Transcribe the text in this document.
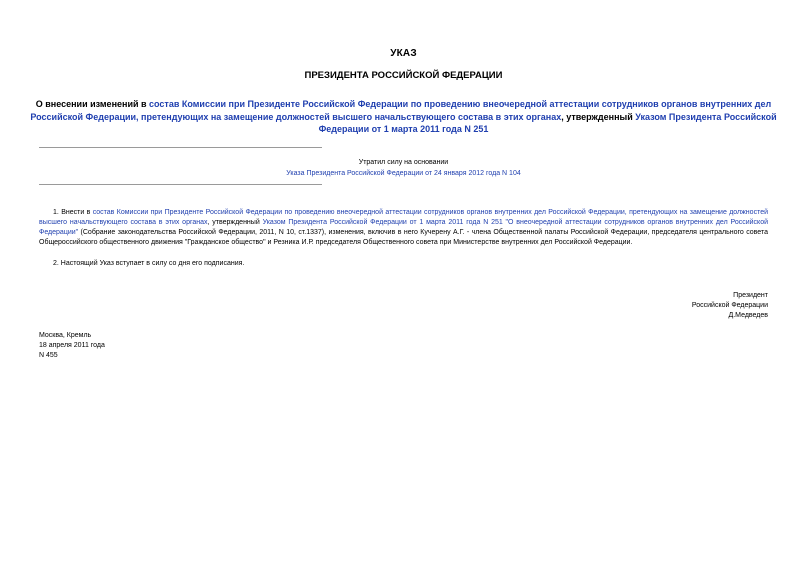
УКАЗ
ПРЕЗИДЕНТА РОССИЙСКОЙ ФЕДЕРАЦИИ
О внесении изменений в состав Комиссии при Президенте Российской Федерации по проведению внеочередной аттестации сотрудников органов внутренних дел Российской Федерации, претендующих на замещение должностей высшего начальствующего состава в этих органах, утвержденный Указом Президента Российской Федерации от 1 марта 2011 года N 251
Утратил силу на основании
Указа Президента Российской Федерации от 24 января 2012 года N 104
1. Внести в состав Комиссии при Президенте Российской Федерации по проведению внеочередной аттестации сотрудников органов внутренних дел Российской Федерации, претендующих на замещение должностей высшего начальствующего состава в этих органах, утвержденный Указом Президента Российской Федерации от 1 марта 2011 года N 251 "О внеочередной аттестации сотрудников органов внутренних дел Российской Федерации" (Собрание законодательства Российской Федерации, 2011, N 10, ст.1337), изменения, включив в него Кучерену А.Г. - члена Общественной палаты Российской Федерации, председателя центрального совета Общероссийского общественного движения "Гражданское общество" и Резника И.Р. председателя Общественного совета при Министерстве внутренних дел Российской Федерации.
2. Настоящий Указ вступает в силу со дня его подписания.
Президент
Российской Федерации
Д.Медведев
Москва, Кремль
18 апреля 2011 года
N 455
